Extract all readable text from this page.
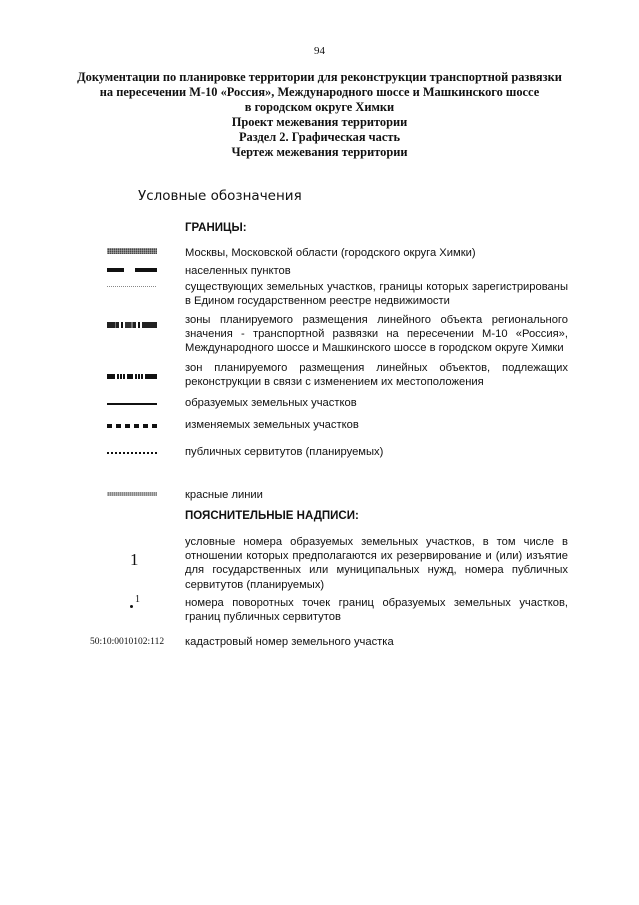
94
Документации по планировке территории для реконструкции транспортной развязки
на пересечении М-10 «Россия», Международного шоссе и Машкинского шоссе
в городском округе Химки
Проект межевания территории
Раздел 2. Графическая часть
Чертеж межевания территории
Условные обозначения
ГРАНИЦЫ:
Москвы, Московской области (городского округа Химки)
населенных пунктов
существующих земельных участков, границы которых зарегистрированы в Едином государственном реестре недвижимости
зоны планируемого размещения линейного объекта регионального значения - транспортной развязки на пересечении М-10 «Россия», Международного шоссе и Машкинского шоссе в городском округе Химки
зон планируемого размещения линейных объектов, подлежащих реконструкции в связи с изменением их местоположения
образуемых земельных участков
изменяемых земельных участков
публичных сервитутов (планируемых)
красные линии
ПОЯСНИТЕЛЬНЫЕ НАДПИСИ:
1
условные номера образуемых земельных участков, в том числе в отношении которых предполагаются их резервирование и (или) изъятие для государственных или муниципальных нужд, номера публичных сервитутов (планируемых)
1	номера поворотных точек границ образуемых земельных участков, границ публичных сервитутов
50:10:0010102:112 кадастровый номер земельного участка
